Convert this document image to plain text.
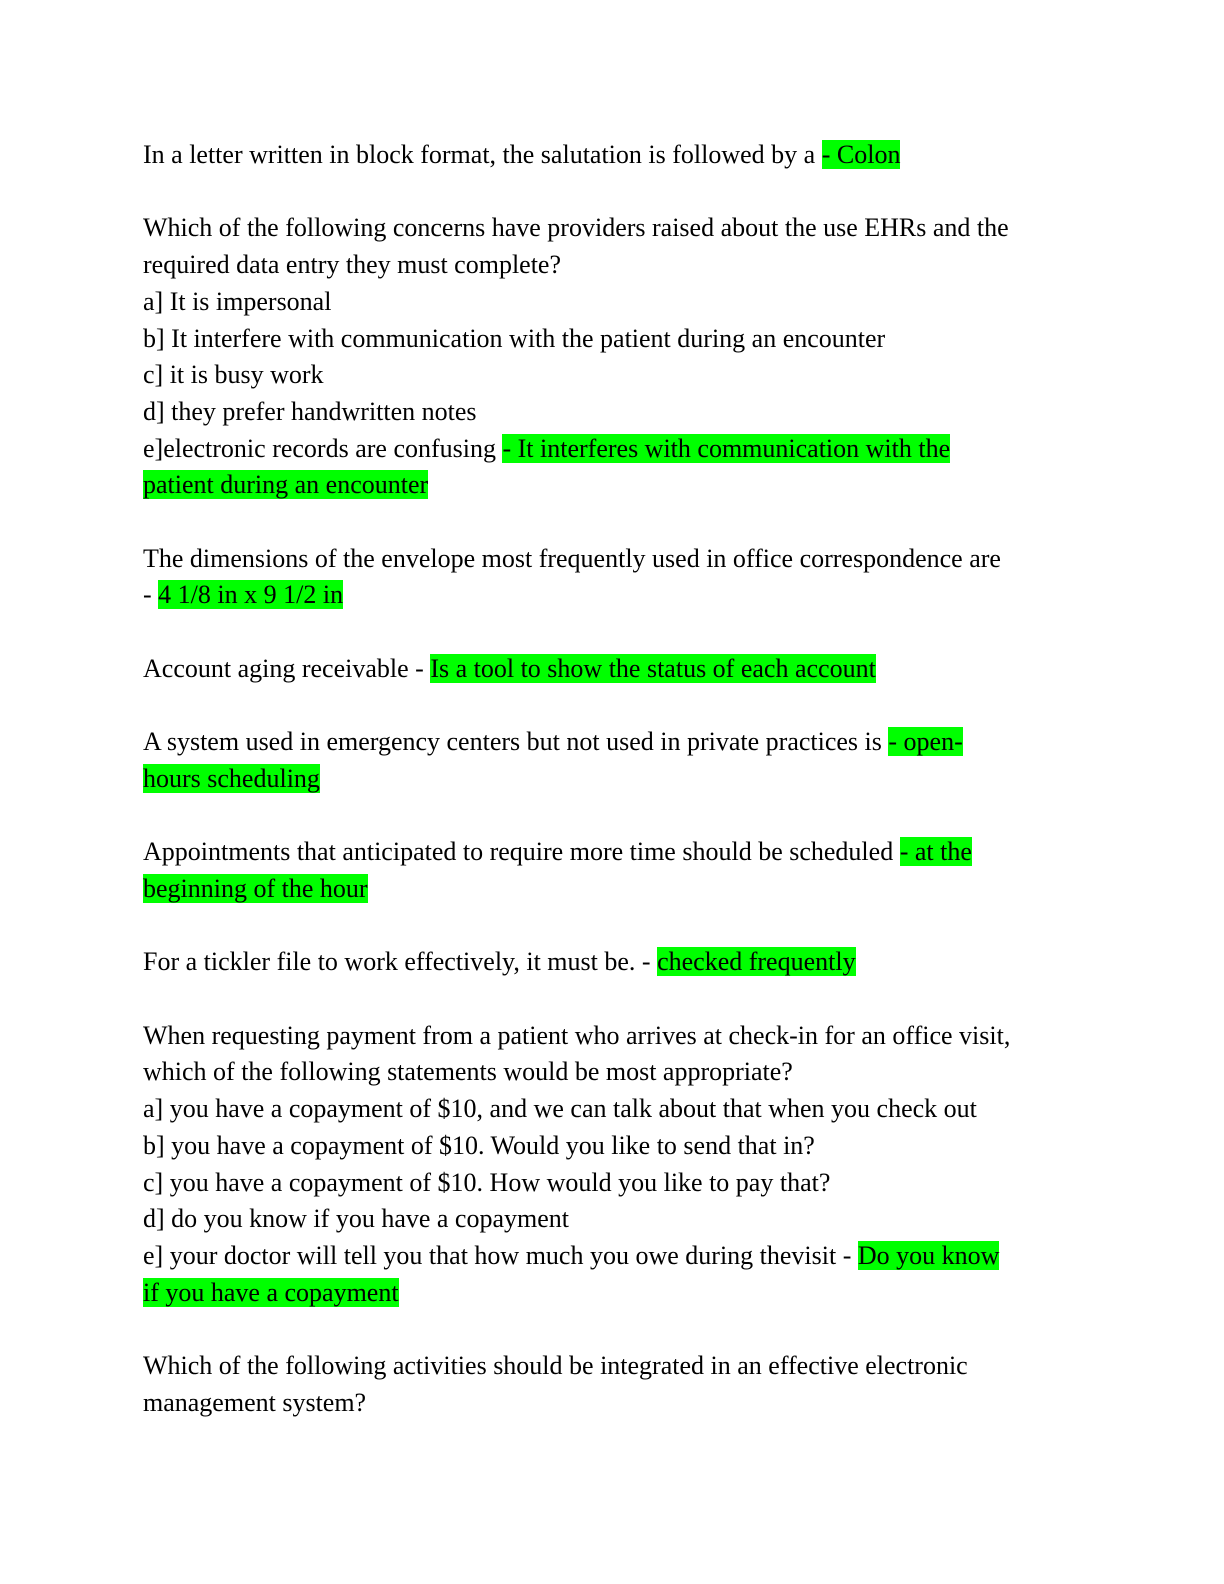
In a letter written in block format, the salutation is followed by a - Colon
Which of the following concerns have providers raised about the use EHRs and the
required data entry they must complete?
a] It is impersonal
b] It interfere with communication with the patient during an encounter
c] it is busy work
d] they prefer handwritten notes
e]electronic records are confusing - It interferes with communication with the
patient during an encounter
The dimensions of the envelope most frequently used in office correspondence are
- 4 1/8 in x 9 1/2 in
Account aging receivable - Is a tool to show the status of each account
A system used in emergency centers but not used in private practices is - open-
hours scheduling
Appointments that anticipated to require more time should be scheduled - at the
beginning of the hour
For a tickler file to work effectively, it must be. - checked frequently
When requesting payment from a patient who arrives at check-in for an office visit,
which of the following statements would be most appropriate?
a] you have a copayment of $10, and we can talk about that when you check out
b] you have a copayment of $10. Would you like to send that in?
c] you have a copayment of $10. How would you like to pay that?
d] do you know if you have a copayment
e] your doctor will tell you that how much you owe during thevisit - Do you know
if you have a copayment
Which of the following activities should be integrated in an effective electronic
management system?
